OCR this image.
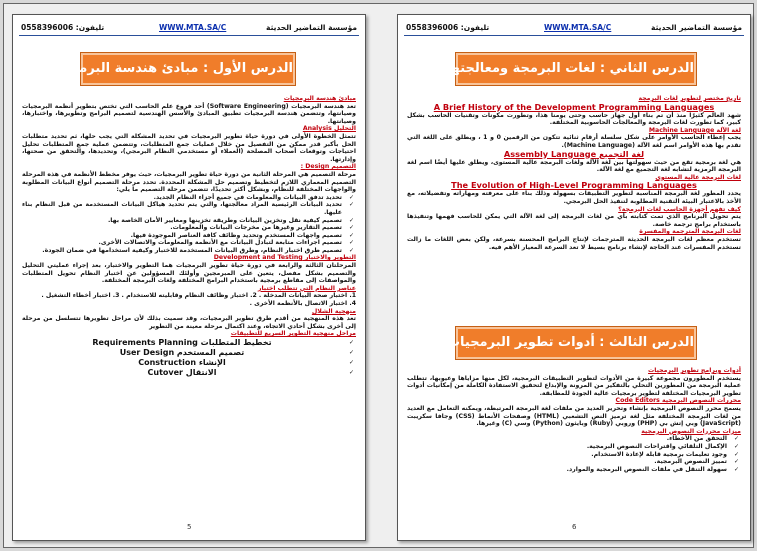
تليفون: 0558396006	WWW.MTA.SA/C	مؤسسة التماضير الحديثة
الدرس الأول : مبادئ هندسة البرمجيات

مبادئ هندسة البرمجيات

تعد هندسة البرمجيات (Software Engineering) أحد فروع علم الحاسب التي تختص بتطوير أنظمة البرمجيات وصيانتها، وتتضمن هندسة البرمجيات تطبيق المبادئ والأسس الهندسية لتصميم البرامج وتطويرها، واختبارها، وصيانتها.

التحليل Analysis

تتمثل الخطوة الأولى في دورة حياة تطوير البرمجيات في تحديد المشكلة التي يجب حلها، ثم تحديد متطلبات الحل بأكبر قدر ممكن من التفصيل من خلال عمليات جمع المتطلبات، وتتضمن عملية جمع المتطلبات تحليل احتياجات وتوقعات أصحاب المصلحة (العملاء أو مستخدمي النظام البرمجي)، وتحديدها، والتحقق من صحتها، وإدارتها.

التصميم Design :

مرحلة التصميم هي المرحلة الثانية من دورة حياة تطوير البرمجيات، حيث يوفر مخطط الأنظمة في هذه المرحلة التصميم المعماري اللازم لتخطيط وتصميم حل المشكلة المحددة. تحدد مرحلة التصميم أنواع البيانات المطلوبة والواجهات المختلفة للنظام، وبشكل أكثر تحديدًا، تتضمن مرحلة التصميم ما يلي:

✓
تحديد تدفق البيانات والمعلومات في جميع أجزاء النظام الجديد.

✓
تحديد البيانات الرئيسية المراد معالجتها، والتي يتم تحديد هياكل البيانات المستخدمة من قبل النظام بناء عليها.

✓
تصميم كيفية نقل وتخزين البيانات وطريقة تخزينها ومعايير الأمان الخاصة بها.

✓
تصميم التقارير وغيرها من مخرجات البيانات والمعلومات.

✓
تصميم واجهات المستخدم وتحديد وظائف كافة العناصر الموجودة فيها.

✓
تصميم اجراءات متابعة لتبادل البيانات مع الأنظمة والمعلومات والاتصالات الأخرى.

✓
تصميم طرق اختبار النظام، وطرق البيانات المستخدمة للاختبار وكيفية استخدامها في ضمان الجودة.

التطوير والاختبار Development and Testing

المرحلتان الثالثة والرابعة في دورة حياة تطوير البرمجيات هما التطوير والاختبار، بعد إجراء عمليتي التحليل والتصميم بشكل مفصل، يتعين على المبرمجين وأولئك المسؤولين عن اختبار النظام تحويل المتطلبات والمواصفات إلى مقاطع برمجية باستخدام البرامج المختلفة ولغات البرمجة المختلفة.

عناصر النظام التي تتطلب اختبار

1. اختبار صحة البيانات المدخلة . 2. اختبار وظائف النظام وقابليته للاستخدام . 3. اختبار أخطاء التشغيل .

4. اختبار الاتصال بالأنظمة الأخرى .

منهجية الشلال

تعد هذه المنهجية من أقدم طرق تطوير البرمجيات، وقد سميت بذلك لأن مراحل تطويرها تتسلسل من مرحلة إلى أخرى بشكل أحادي الاتجاه، وعند اكتمال مرحلة معينة من التطوير

مراحل منهجية التطوير السريع للتطبيقات

✓
تخطيط المتطلبات Requirements Planning

✓
تصميم المستخدم User Design

✓
الإنشاء Construction

✓
الانتقال Cutover

5
تليفون: 0558396006	WWW.MTA.SA/C	مؤسسة التماضير الحديثة
الدرس الثاني : لغات البرمجة ومعالجتها

تاريخ مختصر لتطوير لغات البرمجة

A Brief History of the Development Programming Languages

شهد العالم كثيرًا منذ أن تم بناء أول جهاز حاسب وحتى يومنا هذا، وتطورت مكونات وتقنيات الحاسب بشكل كبير، كما تطورت لغات البرمجة والمعالجات الحاسوبية المختلفة.

لغة الآلة Machine Language

يجب إعطاء الحاسب الأوامر على شكل سلسلة أرقام ثنائية تتكون من الرقمين 0 و 1 ، ويطلق على اللغة التي تقدم بها هذه الأوامر اسم لغة الآلة (Machine Language).

لغة التجميع Assembly Language

هي لغة برمجية تقع من حيث سهولتها بين لغة الآلة ولغات البرمجة عالية المستوى، ويطلق عليها أيضًا اسم لغة البرمجة الرمزية لتشابه لغة التجميع مع لغة الآلة.

لغات البرمجة عالية المستوى

The Evolution of High-Level Programming Languages

يحدد المطور لغة البرمجة المناسبة لتطوير التطبيقات بسهولة وذلك بناء على معرفته ومهاراته وتفضيلاته، مع الأخذ بالاعتبار البيئة التقنية المطلوبة لتنفيذ الحل البرمجي.

كيف تفهم أجهزة الحاسب لغات البرمجة؟

يتم تحويل البرنامج الذي تمت كتابته بأي من لغات البرمجة إلى لغة الآلة التي يمكن للحاسب فهمها وتنفيذها باستخدام برامج ترجمة خاصة.

لغات البرمجة المترجمة والمفسرة

تستخدم معظم لغات البرمجة الحديثة المترجمات لإنتاج البرامج المحسنة بسرعة، ولكن بعض اللغات ما زالت تستخدم المفسرات عند الحاجة لإنشاء برنامج بسيط لا تعد السرعة المعيار الأهم فيه.

الدرس الثالث : أدوات تطوير البرمجيات

أدوات وبرامج تطوير البرمجيات

يستخدم المطورون مجموعة كبيرة من الأدوات لتطوير التطبيقات البرمجية، لكل منها مزاياها وعيوبها، تتطلب عملية البرمجة من المطورين التحلي بالتفكير من المرونة والإبداع لتحقيق الاستفادة الكاملة من إمكانيات أدوات تطوير البرمجيات المختلفة لتطوير برمجيات عالية الجودة للمطابقة.

محررات النصوص البرمجية Code Editors

يسمح محرر النصوص البرمجية بإنشاء وتحرير العديد من ملفات لغة البرمجة المرتبطة، ويمكنه التعامل مع العديد من لغات البرمجة المختلفة مثل لغة ترميز النص التشعبي (HTML) وصفحات الأنماط (CSS) وجافا سكريبت (JavaScript) وبي إتش بي (PHP) وروبي (Ruby) وبايثون (Python) وسي (C) وغيرها.

ميزات محررات النصوص البرمجية

✓
التحقق من الأخطاء.

✓
الإكمال التلقائي واقتراحات النصوص البرمجية.

✓
وجود تعليمات برمجية قابلة لإعادة الاستخدام.

✓
تمييز النصوص البرمجية.

✓
سهولة التنقل في ملفات النصوص البرمجية والموارد.

6
